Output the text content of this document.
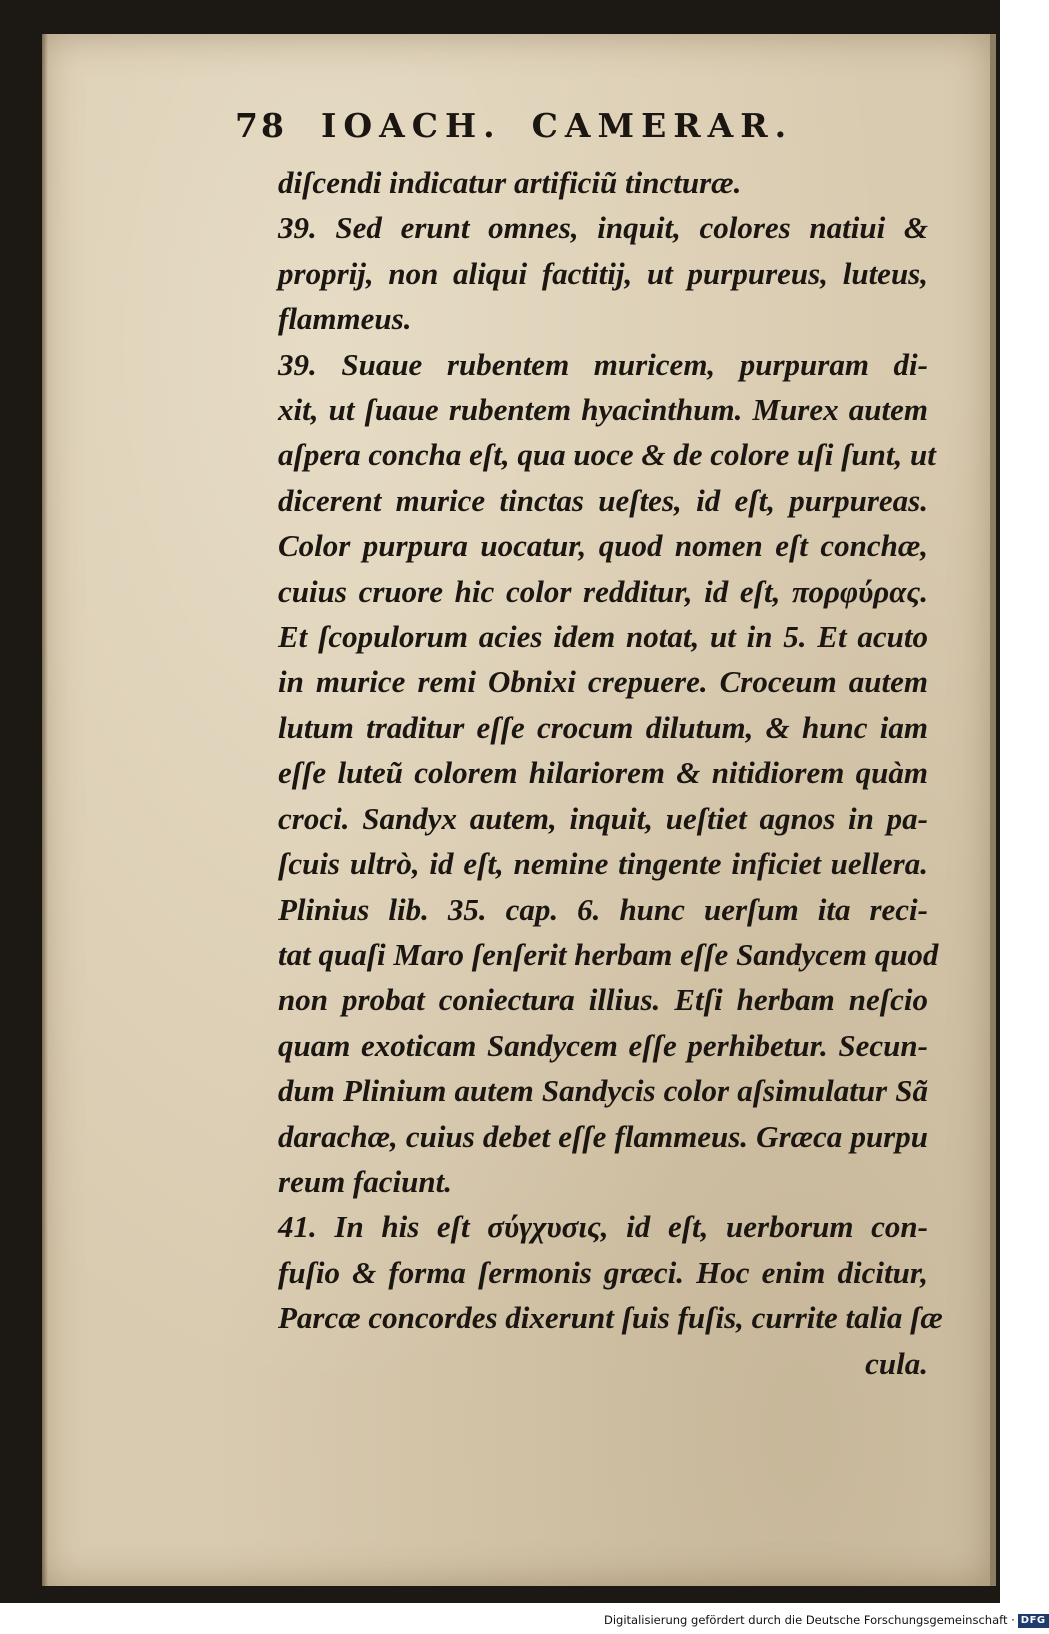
78 IOACH. CAMERAR.
diſcendi indicatur artificiũ tincturæ.
39. Sed erunt omnes, inquit, colores natiui &
proprij, non aliqui factitij, ut purpureus, luteus,
flammeus.
39. Suaue rubentem muricem, purpuram di-
xit, ut ſuaue rubentem hyacinthum. Murex autem
aſpera concha eſt, qua uoce & de colore uſi ſunt, ut
dicerent murice tinctas ueſtes, id eſt, purpureas.
Color purpura uocatur, quod nomen eſt conchæ,
cuius cruore hic color redditur, id eſt, πορφύρας.
Et ſcopulorum acies idem notat, ut in 5. Et acuto
in murice remi Obnixi crepuere. Croceum autem
lutum traditur eſſe crocum dilutum, & hunc iam
eſſe luteũ colorem hilariorem & nitidiorem quàm
croci. Sandyx autem, inquit, ueſtiet agnos in pa-
ſcuis ultrò, id eſt, nemine tingente inficiet uellera.
Plinius lib. 35. cap. 6. hunc uerſum ita reci-
tat quaſi Maro ſenſerit herbam eſſe Sandycem quod
non probat coniectura illius. Etſi herbam neſcio
quam exoticam Sandycem eſſe perhibetur. Secun-
dum Plinium autem Sandycis color aſsimulatur Sã
darachæ, cuius debet eſſe flammeus. Græca purpu
reum faciunt.
41. In his eſt σύγχυσις, id eſt, uerborum con-
fuſio & forma ſermonis græci. Hoc enim dicitur,
Parcæ concordes dixerunt ſuis fuſis, currite talia ſæ
cula.
Digitalisierung gefördert durch die Deutsche Forschungsgemeinschaft · DFG
